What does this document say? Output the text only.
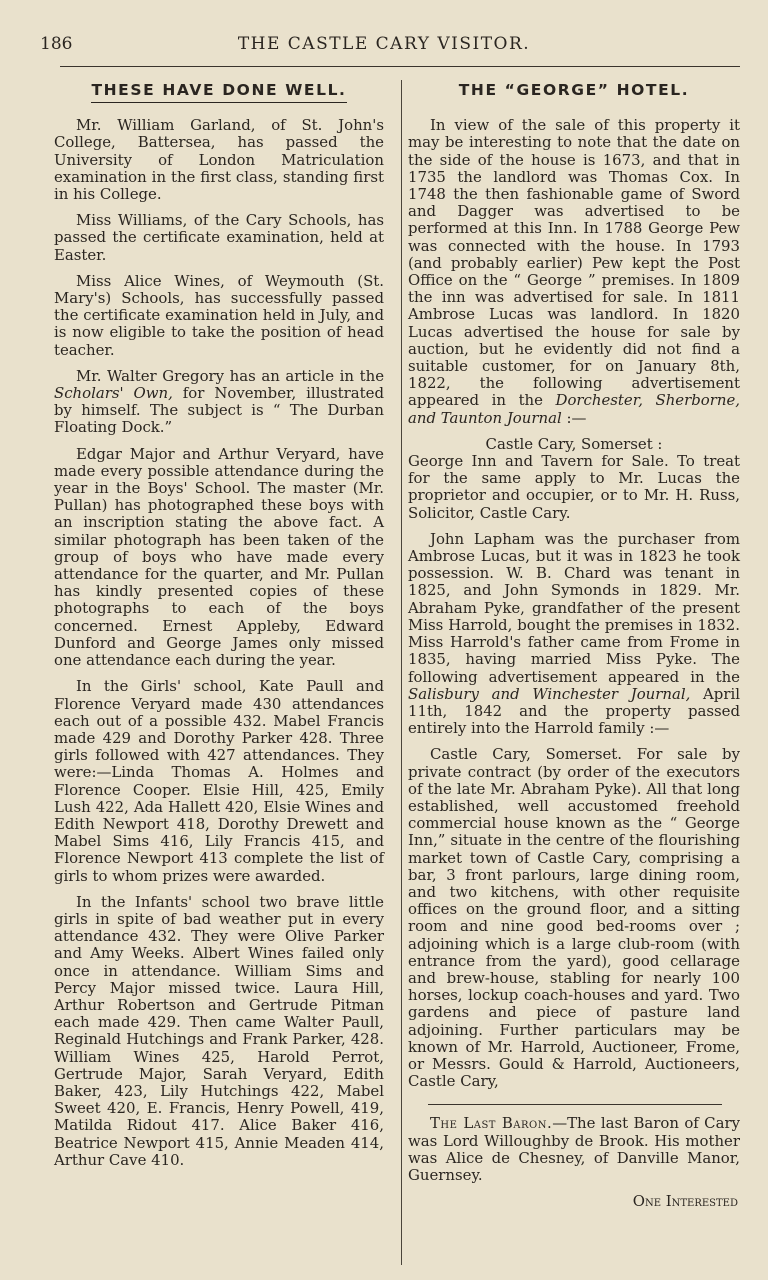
186	THE CASTLE CARY VISITOR.
THESE HAVE DONE WELL.

Mr. William Garland, of St. John's College, Battersea, has passed the University of London Matriculation examination in the first class, standing first in his College.

Miss Williams, of the Cary Schools, has passed the certificate examination, held at Easter.

Miss Alice Wines, of Weymouth (St. Mary's) Schools, has successfully passed the certificate examination held in July, and is now eligible to take the position of head teacher.

Mr. Walter Gregory has an article in the Scholars' Own, for November, illustrated by himself. The subject is “ The Durban Floating Dock.”

Edgar Major and Arthur Veryard, have made every possible attendance during the year in the Boys' School. The master (Mr. Pullan) has photographed these boys with an inscription stating the above fact. A similar photograph has been taken of the group of boys who have made every attendance for the quarter, and Mr. Pullan has kindly presented copies of these photographs to each of the boys concerned. Ernest Appleby, Edward Dunford and George James only missed one attendance each during the year.

In the Girls' school, Kate Paull and Florence Veryard made 430 attendances each out of a possible 432. Mabel Francis made 429 and Dorothy Parker 428. Three girls followed with 427 attendances. They were:—Linda Thomas A. Holmes and Florence Cooper. Elsie Hill, 425, Emily Lush 422, Ada Hallett 420, Elsie Wines and Edith Newport 418, Dorothy Drewett and Mabel Sims 416, Lily Francis 415, and Florence Newport 413 complete the list of girls to whom prizes were awarded.

In the Infants' school two brave little girls in spite of bad weather put in every attendance 432. They were Olive Parker and Amy Weeks. Albert Wines failed only once in attendance. William Sims and Percy Major missed twice. Laura Hill, Arthur Robertson and Gertrude Pitman each made 429. Then came Walter Paull, Reginald Hutchings and Frank Parker, 428. William Wines 425, Harold Perrot, Gertrude Major, Sarah Veryard, Edith Baker, 423, Lily Hutchings 422, Mabel Sweet 420, E. Francis, Henry Powell, 419, Matilda Ridout 417. Alice Baker 416, Beatrice Newport 415, Annie Meaden 414, Arthur Cave 410.

THE “GEORGE” HOTEL.

In view of the sale of this property it may be interesting to note that the date on the side of the house is 1673, and that in 1735 the landlord was Thomas Cox. In 1748 the then fashionable game of Sword and Dagger was advertised to be performed at this Inn. In 1788 George Pew was connected with the house. In 1793 (and probably earlier) Pew kept the Post Office on the “ George ” premises. In 1809 the inn was advertised for sale. In 1811 Ambrose Lucas was landlord. In 1820 Lucas advertised the house for sale by auction, but he evidently did not find a suitable customer, for on January 8th, 1822, the following advertisement appeared in the Dorchester, Sherborne, and Taunton Journal :—

Castle Cary, Somerset :

George Inn and Tavern for Sale. To treat for the same apply to Mr. Lucas the proprietor and occupier, or to Mr. H. Russ, Solicitor, Castle Cary.

John Lapham was the purchaser from Ambrose Lucas, but it was in 1823 he took possession. W. B. Chard was tenant in 1825, and John Symonds in 1829. Mr. Abraham Pyke, grandfather of the present Miss Harrold, bought the premises in 1832. Miss Harrold's father came from Frome in 1835, having married Miss Pyke. The following advertisement appeared in the Salisbury and Winchester Journal, April 11th, 1842 and the property passed entirely into the Harrold family :—

Castle Cary, Somerset. For sale by private contract (by order of the executors of the late Mr. Abraham Pyke). All that long established, well accustomed freehold commercial house known as the “ George Inn,” situate in the centre of the flourishing market town of Castle Cary, comprising a bar, 3 front parlours, large dining room, and two kitchens, with other requisite offices on the ground floor, and a sitting room and nine good bed-rooms over ; adjoining which is a large club-room (with entrance from the yard), good cellarage and brew-house, stabling for nearly 100 horses, lockup coach-houses and yard. Two gardens and piece of pasture land adjoining. Further particulars may be known of Mr. Harrold, Auctioneer, Frome, or Messrs. Gould & Harrold, Auctioneers, Castle Cary,

The Last Baron.—The last Baron of Cary was Lord Willoughby de Brook. His mother was Alice de Chesney, of Danville Manor, Guernsey.

One Interested
